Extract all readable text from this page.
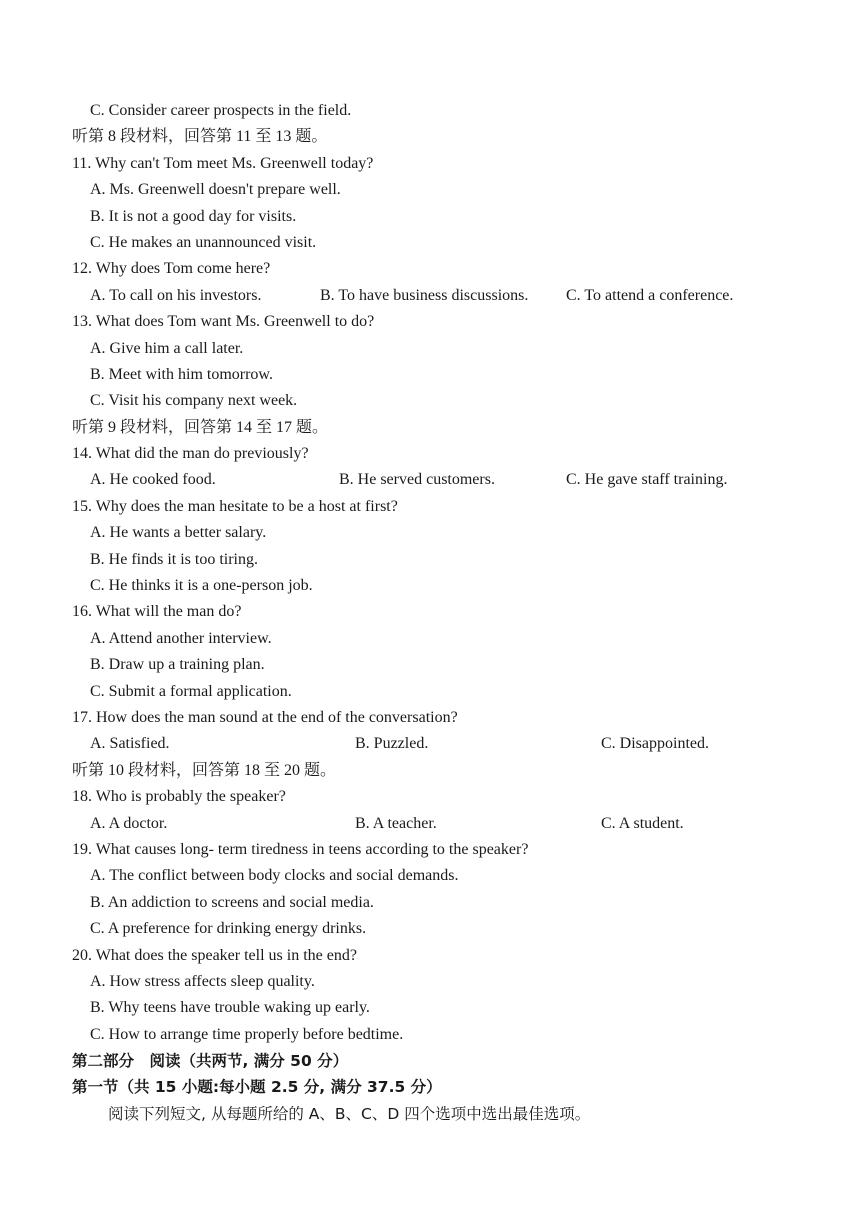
C. Consider career prospects in the field.
听第 8 段材料，回答第 11 至 13 题。
11. Why can't Tom meet Ms. Greenwell today?
A. Ms. Greenwell doesn't prepare well.
B. It is not a good day for visits.
C. He makes an unannounced visit.
12. Why does Tom come here?
A. To call on his investors.	B. To have business discussions. C. To attend a conference.
13. What does Tom want Ms. Greenwell to do?
A. Give him a call later.
B. Meet with him tomorrow.
C. Visit his company next week.
听第 9 段材料，回答第 14 至 17 题。
14. What did the man do previously?
A. He cooked food.	B. He served customers.	C. He gave staff training.
15. Why does the man hesitate to be a host at first?
A. He wants a better salary.
B. He finds it is too tiring.
C. He thinks it is a one-person job.
16. What will the man do?
A. Attend another interview.
B. Draw up a training plan.
C. Submit a formal application.
17. How does the man sound at the end of the conversation?
A. Satisfied.	B. Puzzled.	C. Disappointed.
听第 10 段材料，回答第 18 至 20 题。
18. Who is probably the speaker?
A. A doctor.	B. A teacher.	C. A student.
19. What causes long- term tiredness in teens according to the speaker?
A. The conflict between body clocks and social demands.
B. An addiction to screens and social media.
C. A preference for drinking energy drinks.
20. What does the speaker tell us in the end?
A. How stress affects sleep quality.
B. Why teens have trouble waking up early.
C. How to arrange time properly before bedtime.
第二部分　阅读（共两节, 满分 50 分）
第一节（共 15 小题:每小题 2.5 分, 满分 37.5 分）
阅读下列短文, 从每题所给的 A、B、C、D 四个选项中选出最佳选项。
